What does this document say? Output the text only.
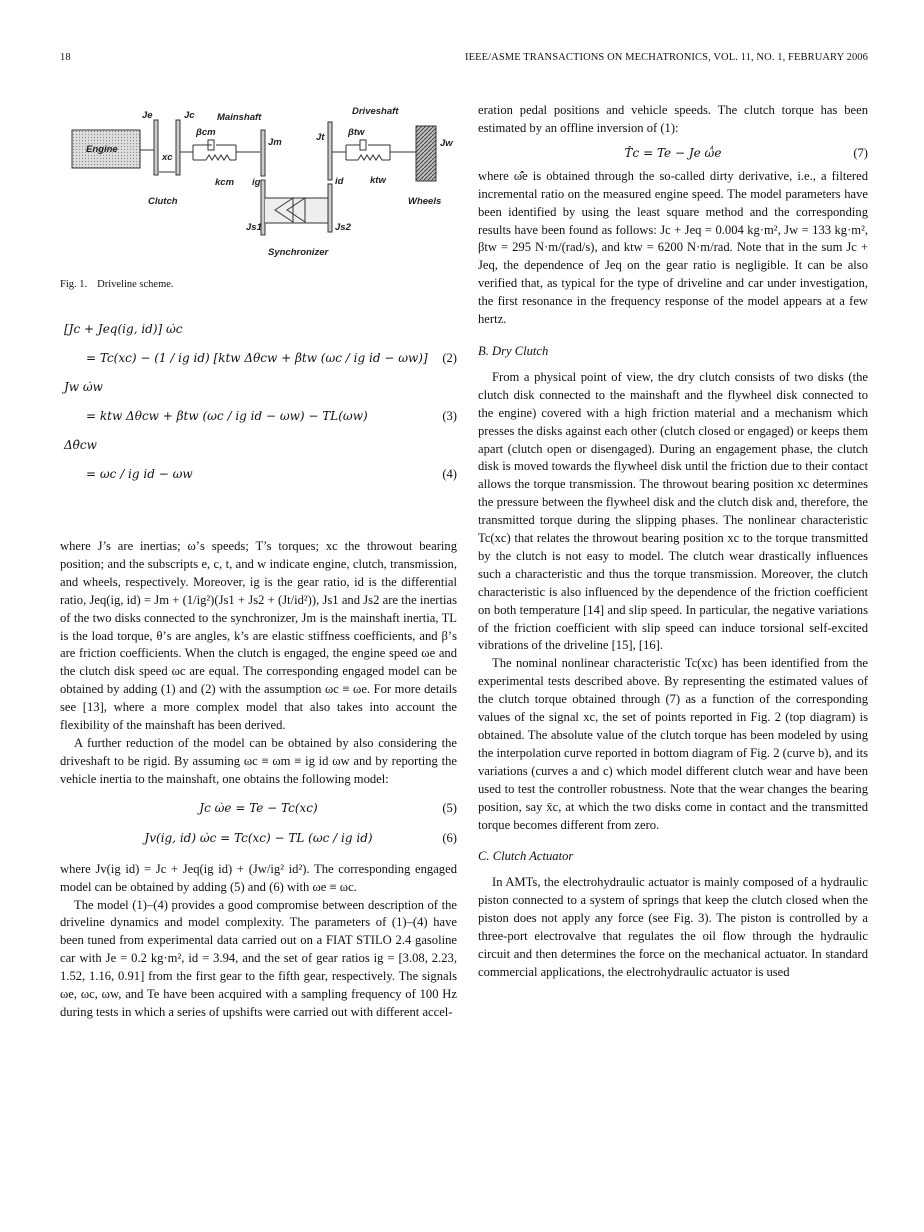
18	IEEE/ASME TRANSACTIONS ON MECHATRONICS, VOL. 11, NO. 1, FEBRUARY 2006
Engine
Je	Jc
xc
βcm
kcm
Mainshaft
Clutch
Jm
ig
Js1
Jt
id
Js2
Synchronizer
βtw
ktw
Driveshaft
Jw
Wheels
Fig. 1. Driveline scheme.
[Jc + Jeq(ig, id)] ω̇c
= Tc(xc) − (1 / ig id) [ktw Δθcw + βtw (ωc / ig id − ωw)] (2)
Jw ω̇w
= ktw Δθcw + βtw (ωc / ig id − ωw) − TL(ωw)	(3)
Δθ̇cw
= ωc / ig id − ωw	(4)

where J’s are inertias; ω’s speeds; T’s torques; xc the throwout bearing position; and the subscripts e, c, t, and w indicate engine, clutch, transmission, and wheels, respectively. Moreover, ig is the gear ratio, id is the differential ratio, Jeq(ig, id) = Jm + (1/ig²)(Js1 + Js2 + (Jt/id²)), Js1 and Js2 are the inertias of the two disks connected to the synchronizer, Jm is the mainshaft inertia, TL is the load torque, θ’s are angles, k’s are elastic stiffness coefficients, and β’s are friction coefficients. When the clutch is engaged, the engine speed ωe and the clutch disk speed ωc are equal. The corresponding engaged model can be obtained by adding (1) and (2) with the assumption ωc ≡ ωe. For more details see [13], where a more complex model that also takes into account the flexibility of the mainshaft has been derived.

A further reduction of the model can be obtained by also considering the driveshaft to be rigid. By assuming ωc ≡ ωm ≡ ig id ωw and by reporting the vehicle inertia to the mainshaft, one obtains the following model:

Jc ω̇e = Te − Tc(xc)	(5)
Jv(ig, id) ω̇c = Tc(xc) − TL (ωc / ig id)	(6)

where Jv(ig id) = Jc + Jeq(ig id) + (Jw/ig² id²). The corresponding engaged model can be obtained by adding (5) and (6) with ωe ≡ ωc.

The model (1)–(4) provides a good compromise between description of the driveline dynamics and model complexity. The parameters of (1)–(4) have been tuned from experimental data carried out on a FIAT STILO 2.4 gasoline car with Je = 0.2 kg·m², id = 3.94, and the set of gear ratios ig = [3.08, 2.23, 1.52, 1.16, 0.91] from the first gear to the fifth gear, respectively. The signals ωe, ωc, ωw, and Te have been acquired with a sampling frequency of 100 Hz during tests in which a series of upshifts were carried out with different accel-

eration pedal positions and vehicle speeds. The clutch torque has been estimated by an offline inversion of (1):

T̂c = Te − Je ω̂̇e	(7)

where ω̂̇e is obtained through the so-called dirty derivative, i.e., a filtered incremental ratio on the measured engine speed. The model parameters have been identified by using the least square method and the corresponding results have been found as follows: Jc + Jeq = 0.004 kg·m², Jw = 133 kg·m², βtw = 295 N·m/(rad/s), and ktw = 6200 N·m/rad. Note that in the sum Jc + Jeq, the dependence of Jeq on the gear ratio is negligible. It can be also verified that, as typical for the type of driveline and car under investigation, the first resonance in the frequency response of the model appears at a few hertz.

B. Dry Clutch

From a physical point of view, the dry clutch consists of two disks (the clutch disk connected to the mainshaft and the flywheel disk connected to the engine) covered with a high friction material and a mechanism which presses the disks against each other (clutch closed or engaged) or keeps them apart (clutch open or disengaged). During an engagement phase, the clutch disk is moved towards the flywheel disk until the friction due to their contact allows the torque transmission. The throwout bearing position xc determines the pressure between the flywheel disk and the clutch disk and, therefore, the transmitted torque during the slipping phases. The nonlinear characteristic Tc(xc) that relates the throwout bearing position xc to the torque transmitted by the clutch is not easy to model. The clutch wear drastically influences such a characteristic and thus the torque transmission. Moreover, the clutch characteristic is also influenced by the dependence of the friction coefficient on both temperature [14] and slip speed. In particular, the negative variations of the friction coefficient with slip speed can induce torsional self-excited vibrations of the driveline [15], [16].

The nominal nonlinear characteristic Tc(xc) has been identified from the experimental tests described above. By representing the estimated values of the clutch torque obtained through (7) as a function of the corresponding values of the signal xc, the set of points reported in Fig. 2 (top diagram) is obtained. The absolute value of the clutch torque has been modeled by using the interpolation curve reported in bottom diagram of Fig. 2 (curve b), and its variations (curves a and c) which model different clutch wear and have been used to test the controller robustness. Note that the wear changes the bearing position, say x̄c, at which the two disks come in contact and the transmitted torque becomes different from zero.

C. Clutch Actuator

In AMTs, the electrohydraulic actuator is mainly composed of a hydraulic piston connected to a system of springs that keep the clutch closed when the piston does not apply any force (see Fig. 3). The piston is controlled by a three-port electrovalve that regulates the oil flow through the hydraulic circuit and then determines the force on the mechanical actuator. In standard commercial applications, the electrohydraulic actuator is used
